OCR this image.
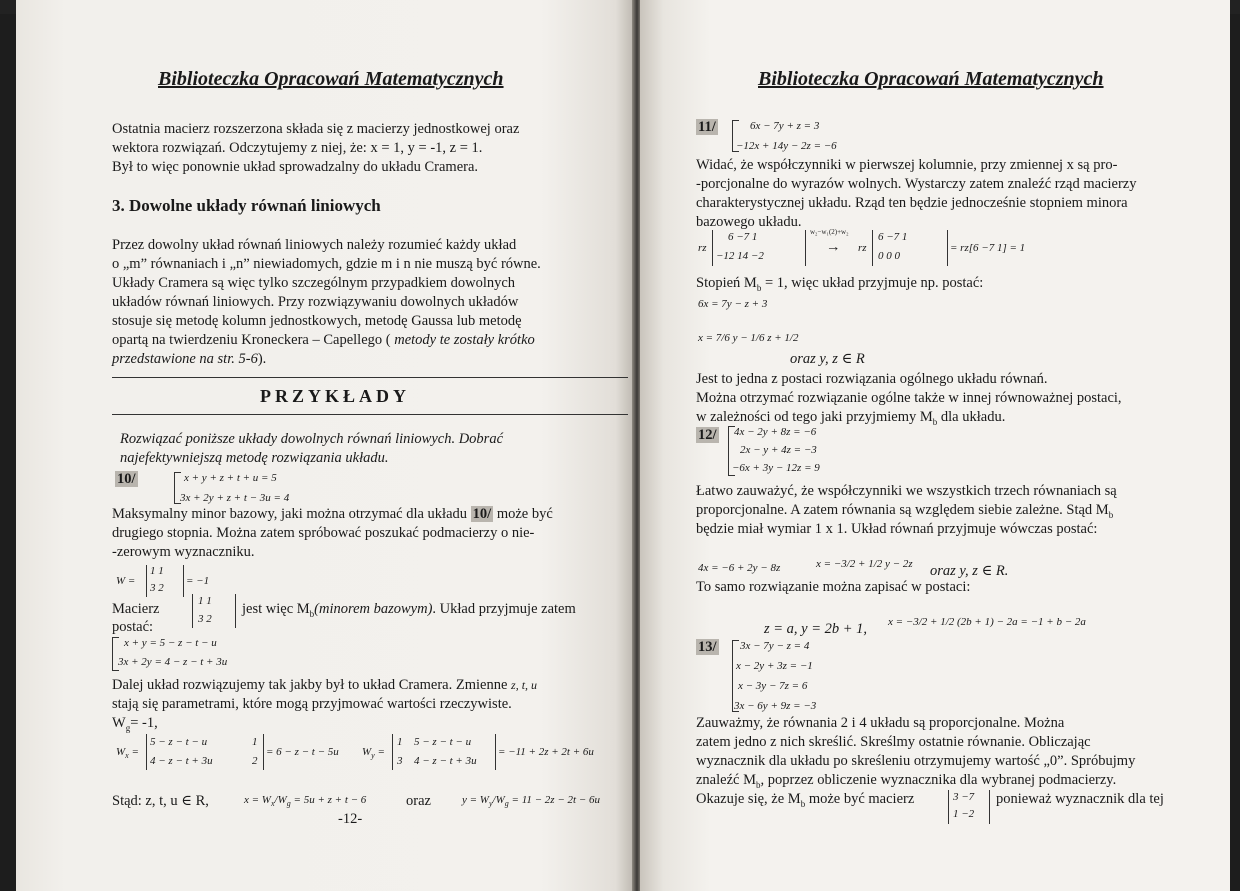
Biblioteczka Opracowań Matematycznych
Ostatnia macierz rozszerzona składa się z macierzy jednostkowej oraz
wektora rozwiązań. Odczytujemy z niej, że: x = 1, y = -1, z = 1.
Był to więc ponownie układ sprowadzalny do układu Cramera.
3. Dowolne układy równań liniowych
Przez dowolny układ równań liniowych należy rozumieć każdy układ
o „m” równaniach i „n” niewiadomych, gdzie m i n nie muszą być równe.
Układy Cramera są więc tylko szczególnym przypadkiem dowolnych
układów równań liniowych. Przy rozwiązywaniu dowolnych układów
stosuje się metodę kolumn jednostkowych, metodę Gaussa lub metodę
opartą na twierdzeniu Kroneckera – Capellego ( metody te zostały krótko
przedstawione na str. 5-6).
PRZYKŁADY
Rozwiązać poniższe układy dowolnych równań liniowych. Dobrać
najefektywniejszą metodę rozwiązania układu.
10/	x + y + z + t + u = 5
3x + 2y + z + t − 3u = 4
Maksymalny minor bazowy, jaki można otrzymać dla układu 10/ może być
drugiego stopnia. Można zatem spróbować poszukać podmacierzy o nie-
-zerowym wyznaczniku.
W =
1 1
3 2
= −1
Macierz	1 1
3 2
jest więc $M_b(minorem$ bazowym). Układ przyjmuje zatem
postać:
x + y = 5 − z − t − u
3x + 2y = 4 − z − t + 3u
Dalej układ rozwiązujemy tak jakby był to układ Cramera. Zmienne z, t, u
stają się parametrami, które mogą przyjmować wartości rzeczywiste.
$W_g= -1$,
$W_x$ =
5 − z − t − u	1
4 − z − t + 3u	2
= 6 − z − t − 5u $W_y$ =
1 5 − z − t − u
3 4 − z − t + 3u
= −11 + 2z + 2t + 6u
Stąd: z, t, u ∈ R,	$x = W_x/W_g = 5u + z + t - 6$	oraz	$y = W_y/W_g = 11 - 2z - 2t - 6u$
-12-
Biblioteczka Opracowań Matematycznych
11/	6x − 7y + z = 3
−12x + 14y − 2z = −6
Widać, że współczynniki w pierwszej kolumnie, przy zmiennej x są pro-
-porcjonalne do wyrazów wolnych. Wystarczy zatem znaleźć rząd macierzy
charakterystycznej układu. Rząd ten będzie jednocześnie stopniem minora
bazowego układu.
rz
6 −7 1
−12 14 −2
w₂−w₁(2)+w₂
→ rz
6 −7 1
0 0 0
= rz[6 −7 1] = 1
Stopień $M_b = 1$, więc układ przyjmuje np. postać:
6x = 7y − z + 3
x = 7/6 y − 1/6 z + 1/2
oraz y, z ∈ R
Jest to jedna z postaci rozwiązania ogólnego układu równań.
Można otrzymać rozwiązanie ogólne także w innej równoważnej postaci,
w zależności od tego jaki przyjmiemy $M_b$ dla układu.
12/ 4x − 2y + 8z = −6
2x − y + 4z = −3
−6x + 3y − 12z = 9
Łatwo zauważyć, że współczynniki we wszystkich trzech równaniach są
proporcjonalne. A zatem równania są względem siebie zależne. Stąd $M_b$
będzie miał wymiar 1 x 1. Układ równań przyjmuje wówczas postać:
4x = −6 + 2y − 8z	x = −3/2 + 1/2 y − 2z oraz y, z ∈ R.
To samo rozwiązanie można zapisać w postaci:
z = a, y = 2b + 1, x = −3/2 + 1/2 (2b + 1) − 2a = −1 + b − 2a
13/ 3x − 7y − z = 4
x − 2y + 3z = −1
x − 3y − 7z = 6
3x − 6y + 9z = −3
Zauważmy, że równania 2 i 4 układu są proporcjonalne. Można
zatem jedno z nich skreślić. Skreślmy ostatnie równanie. Obliczając
wyznacznik dla układu po skreśleniu otrzymujemy wartość „0”. Spróbujmy
znaleźć $M_b$, poprzez obliczenie wyznacznika dla wybranej podmacierzy.
Okazuje się, że $M_b$ może być macierz	3 −7
1 −2
ponieważ wyznacznik dla tej
